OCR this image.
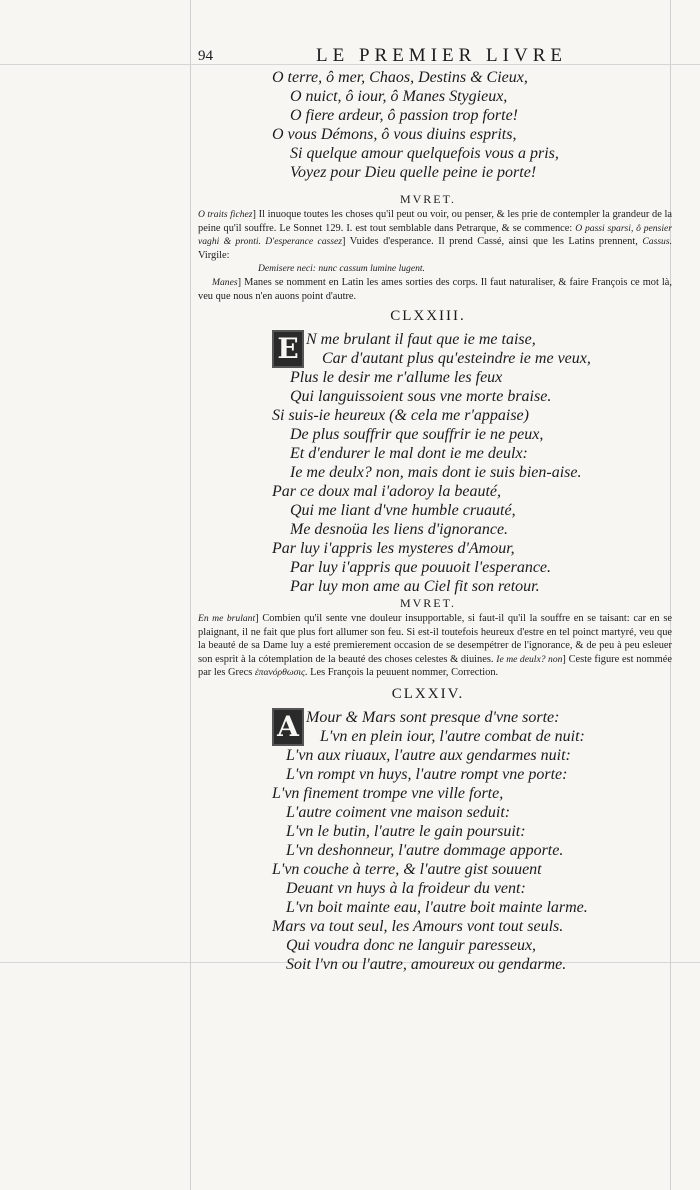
94	LE PREMIER LIVRE
O terre, ô mer, Chaos, Destins & Cieux,
O nuict, ô iour, ô Manes Stygieux,
O fiere ardeur, ô passion trop forte!
O vous Démons, ô vous diuins esprits,
Si quelque amour quelquefois vous a pris,
Voyez pour Dieu quelle peine ie porte!
MVRET.
O traits fichez] Il inuoque toutes les choses qu'il peut ou voir, ou penser, & les prie de contempler la grandeur de la peine qu'il souffre. Le Sonnet 129. I. est tout semblable dans Petrarque, & se commence: O passi sparsi, ô pensier vaghi & pronti. D'esperance cassez] Vuides d'esperance. Il prend Cassé, ainsi que les Latins prennent, Cassus. Virgile:
Demisere neci: nunc cassum lumine lugent.
Manes] Manes se nomment en Latin les ames sorties des corps. Il faut naturaliser, & faire François ce mot là, veu que nous n'en auons point d'autre.
CLXXIII.
E N me brulant il faut que ie me taise,
Car d'autant plus qu'esteindre ie me veux,
Plus le desir me r'allume les feux
Qui languissoient sous vne morte braise.
Si suis-ie heureux (& cela me r'appaise)
De plus souffrir que souffrir ie ne peux,
Et d'endurer le mal dont ie me deulx:
Ie me deulx? non, mais dont ie suis bien-aise.
Par ce doux mal i'adoroy la beauté,
Qui me liant d'vne humble cruauté,
Me desnoüa les liens d'ignorance.
Par luy i'appris les mysteres d'Amour,
Par luy i'appris que pouuoit l'esperance.
Par luy mon ame au Ciel fit son retour.
MVRET.
En me brulant] Combien qu'il sente vne douleur insupportable, si faut-il qu'il la souffre en se taisant: car en se plaignant, il ne fait que plus fort allumer son feu. Si est-il toutefois heureux d'estre en tel poinct martyré, veu que la beauté de sa Dame luy a esté premierement occasion de se desempétrer de l'ignorance, & de peu à peu esleuer son esprit à la cótemplation de la beauté des choses celestes & diuines. Ie me deulx? non] Ceste figure est nommée par les Grecs ἐπανόρθωσις. Les François la peuuent nommer, Correction.
CLXXIV.
A Mour & Mars sont presque d'vne sorte:
L'vn en plein iour, l'autre combat de nuit:
L'vn aux riuaux, l'autre aux gendarmes nuit:
L'vn rompt vn huys, l'autre rompt vne porte:
L'vn finement trompe vne ville forte,
L'autre coiment vne maison seduit:
L'vn le butin, l'autre le gain poursuit:
L'vn deshonneur, l'autre dommage apporte.
L'vn couche à terre, & l'autre gist souuent
Deuant vn huys à la froideur du vent:
L'vn boit mainte eau, l'autre boit mainte larme.
Mars va tout seul, les Amours vont tout seuls.
Qui voudra donc ne languir paresseux,
Soit l'vn ou l'autre, amoureux ou gendarme.
